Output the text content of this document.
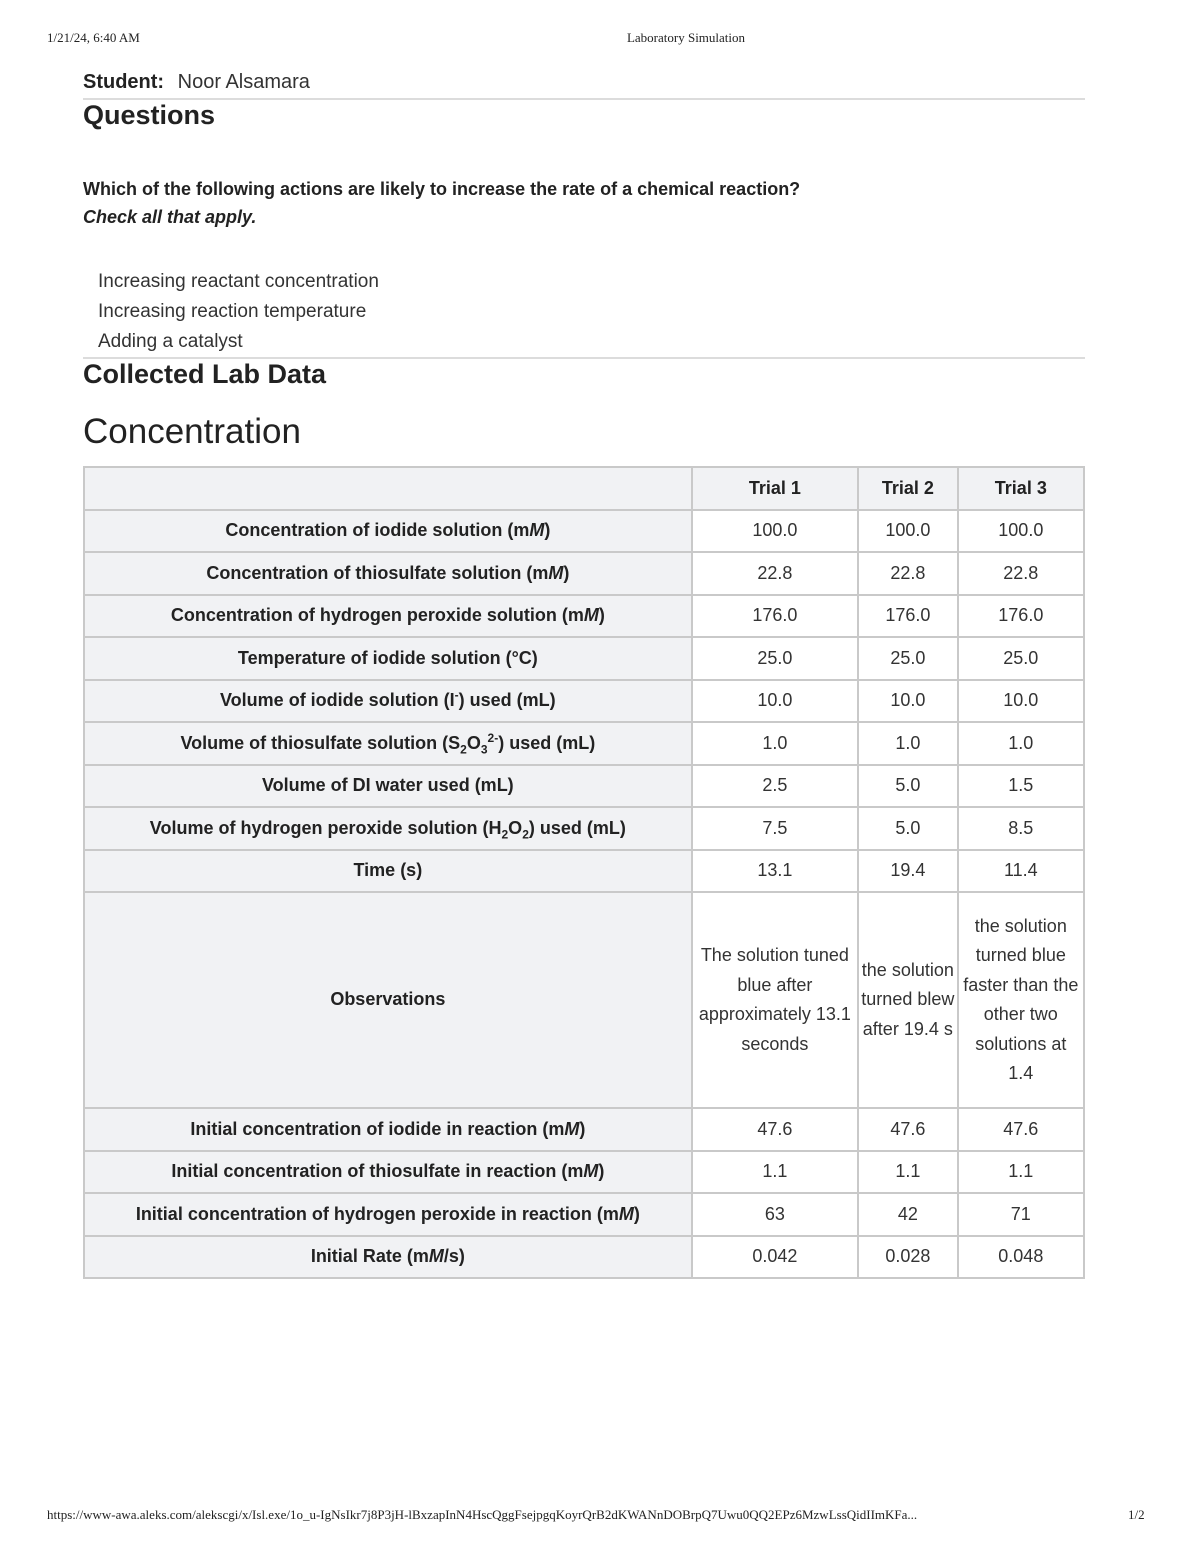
1/21/24, 6:40 AM	Laboratory Simulation
Student: Noor Alsamara
Questions
Which of the following actions are likely to increase the rate of a chemical reaction?
Check all that apply.
Increasing reactant concentration
Increasing reaction temperature
Adding a catalyst
Collected Lab Data
Concentration
	Trial 1	Trial 2	Trial 3
Concentration of iodide solution (mM)	100.0	100.0	100.0
Concentration of thiosulfate solution (mM)	22.8	22.8	22.8
Concentration of hydrogen peroxide solution (mM)	176.0	176.0	176.0
Temperature of iodide solution (°C)	25.0	25.0	25.0
Volume of iodide solution (I-) used (mL)	10.0	10.0	10.0
Volume of thiosulfate solution $(S_2O_3^{2-})$ used (mL)	1.0	1.0	1.0
Volume of DI water used (mL)	2.5	5.0	1.5
Volume of hydrogen peroxide solution $(H_2O_2)$ used (mL)	7.5	5.0	8.5
Time (s)	13.1	19.4	11.4
Observations	The solution tuned blue after approximately 13.1 seconds	the solution turned blew after 19.4 s	the solution turned blue faster than the other two solutions at 1.4
Initial concentration of iodide in reaction (mM)	47.6	47.6	47.6
Initial concentration of thiosulfate in reaction (mM)	1.1	1.1	1.1
Initial concentration of hydrogen peroxide in reaction (mM)	63	42	71
Initial Rate (mM/s)	0.042	0.028	0.048
https://www-awa.aleks.com/alekscgi/x/Isl.exe/1o_u-IgNsIkr7j8P3jH-lBxzapInN4HscQggFsejpgqKoyrQrB2dKWANnDOBrpQ7Uwu0QQ2EPz6MzwLssQidIImKFa...	1/2
